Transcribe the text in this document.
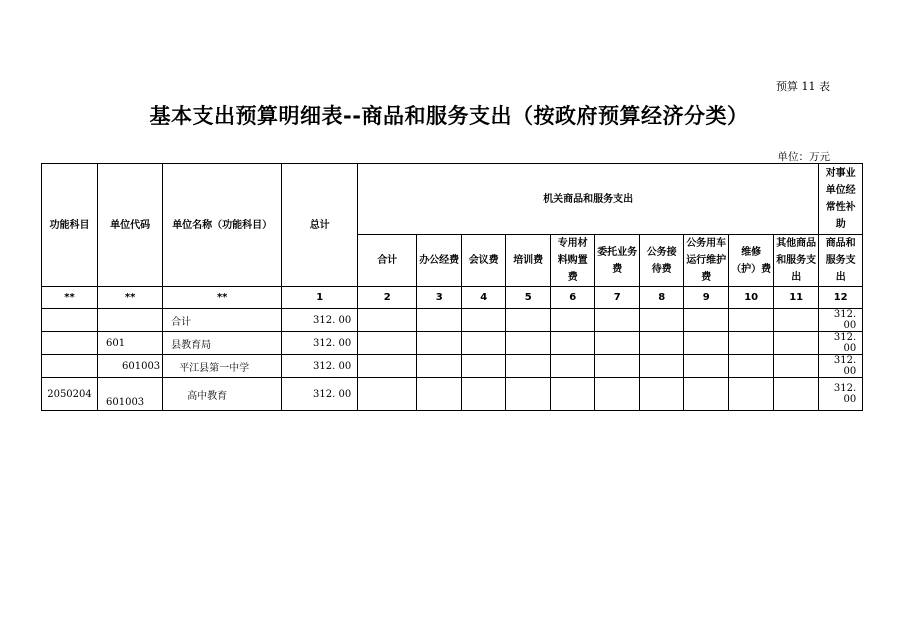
预算 11 表
基本支出预算明细表--商品和服务支出（按政府预算经济分类）
单位：万元
功能科目	单位代码	单位名称（功能科目）	总计	机关商品和服务支出										对事业单位经常性补助
				合计	办公经费	会议费	培训费	专用材料购置费	委托业务费	公务接待费	公务用车运行维护费	维修（护）费	其他商品和服务支出	商品和服务支出
**	**	**	1	2	3	4	5	6	7	8	9	10	11	12
		合计	312. 00											312. 00
	601	县教育局	312. 00											312. 00
	601003	平江县第一中学	312. 00											312. 00
2050204	601003	高中教育	312. 00											312. 00
